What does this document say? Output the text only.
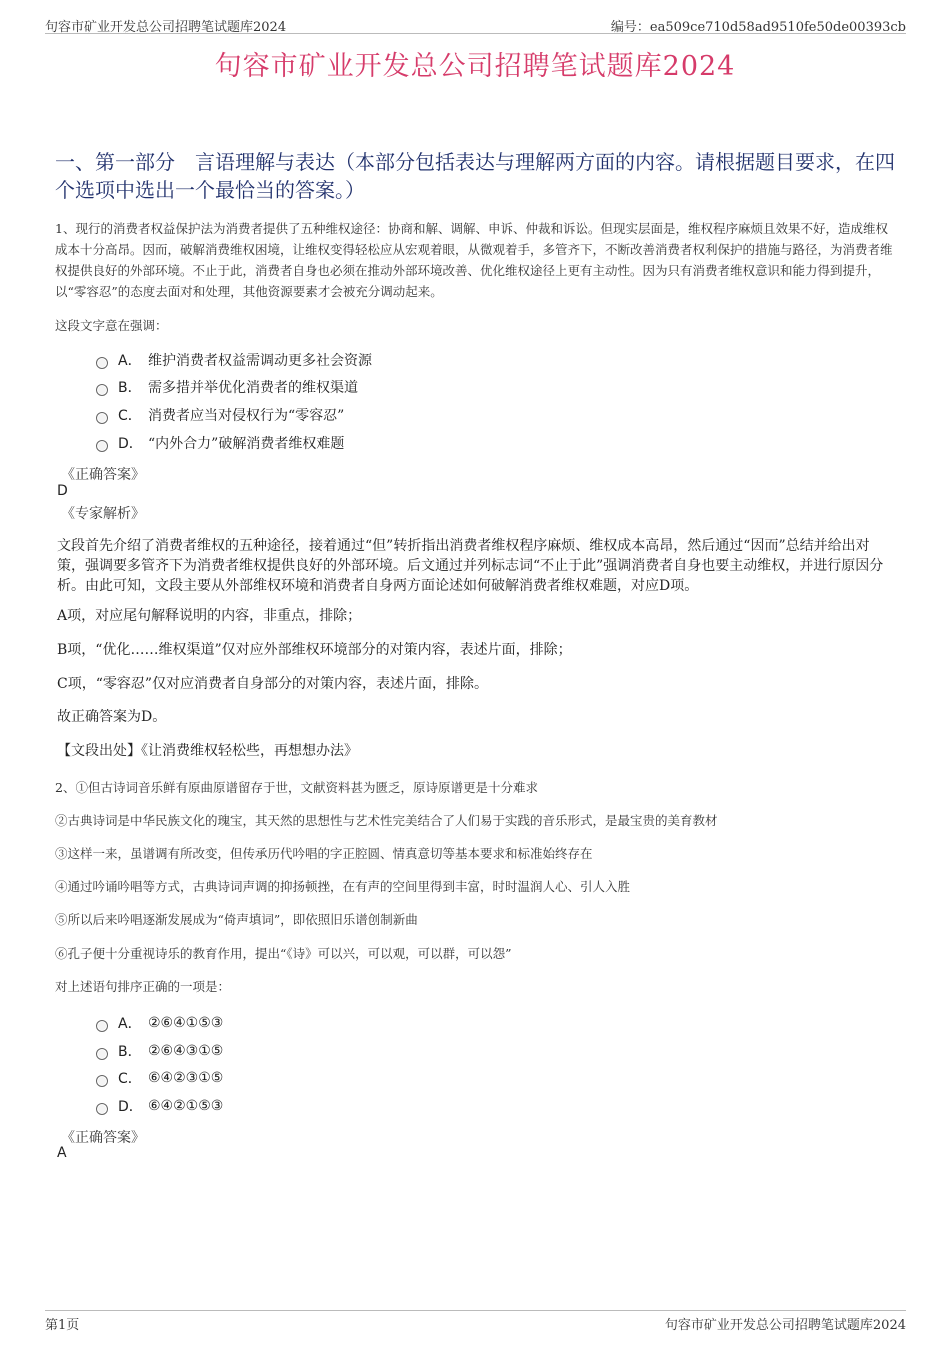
句容市矿业开发总公司招聘笔试题库2024	编号：ea509ce710d58ad9510fe50de00393cb
句容市矿业开发总公司招聘笔试题库2024
一、第一部分　言语理解与表达（本部分包括表达与理解两方面的内容。请根据题目要求，在四个选项中选出一个最恰当的答案。）
1、现行的消费者权益保护法为消费者提供了五种维权途径：协商和解、调解、申诉、仲裁和诉讼。但现实层面是，维权程序麻烦且效果不好，造成维权成本十分高昂。因而，破解消费维权困境，让维权变得轻松应从宏观着眼，从微观着手，多管齐下，不断改善消费者权利保护的措施与路径，为消费者维权提供良好的外部环境。不止于此，消费者自身也必须在推动外部环境改善、优化维权途径上更有主动性。因为只有消费者维权意识和能力得到提升，以“零容忍”的态度去面对和处理，其他资源要素才会被充分调动起来。
这段文字意在强调：
A． 维护消费者权益需调动更多社会资源
B． 需多措并举优化消费者的维权渠道
C． 消费者应当对侵权行为“零容忍”
D． “内外合力”破解消费者维权难题
《正确答案》
D
《专家解析》
文段首先介绍了消费者维权的五种途径，接着通过“但”转折指出消费者维权程序麻烦、维权成本高昂，然后通过“因而”总结并给出对策，强调要多管齐下为消费者维权提供良好的外部环境。后文通过并列标志词“不止于此”强调消费者自身也要主动维权，并进行原因分析。由此可知，文段主要从外部维权环境和消费者自身两方面论述如何破解消费者维权难题，对应D项。
A项，对应尾句解释说明的内容，非重点，排除；
B项，“优化……维权渠道”仅对应外部维权环境部分的对策内容，表述片面，排除；
C项，“零容忍”仅对应消费者自身部分的对策内容，表述片面，排除。
故正确答案为D。
【文段出处】《让消费维权轻松些，再想想办法》
2、①但古诗词音乐鲜有原曲原谱留存于世，文献资料甚为匮乏，原诗原谱更是十分难求
②古典诗词是中华民族文化的瑰宝，其天然的思想性与艺术性完美结合了人们易于实践的音乐形式，是最宝贵的美育教材
③这样一来，虽谱调有所改变，但传承历代吟唱的字正腔圆、情真意切等基本要求和标准始终存在
④通过吟诵吟唱等方式，古典诗词声调的抑扬顿挫，在有声的空间里得到丰富，时时温润人心、引人入胜
⑤所以后来吟唱逐渐发展成为“倚声填词”，即依照旧乐谱创制新曲
⑥孔子便十分重视诗乐的教育作用，提出“《诗》可以兴，可以观，可以群，可以怨”
对上述语句排序正确的一项是：
A． ②⑥④①⑤③
B． ②⑥④③①⑤
C． ⑥④②③①⑤
D． ⑥④②①⑤③
《正确答案》
A
第1页	句容市矿业开发总公司招聘笔试题库2024
